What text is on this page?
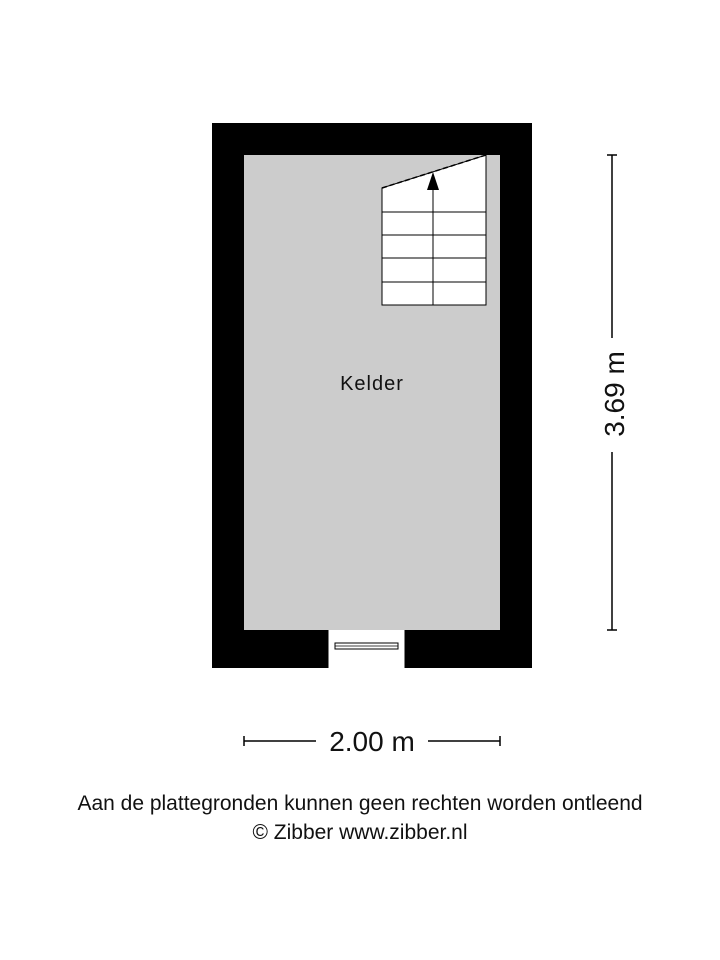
Kelder	3.69 m
2.00 m
Aan de plattegronden kunnen geen rechten worden ontleend
© Zibber www.zibber.nl
